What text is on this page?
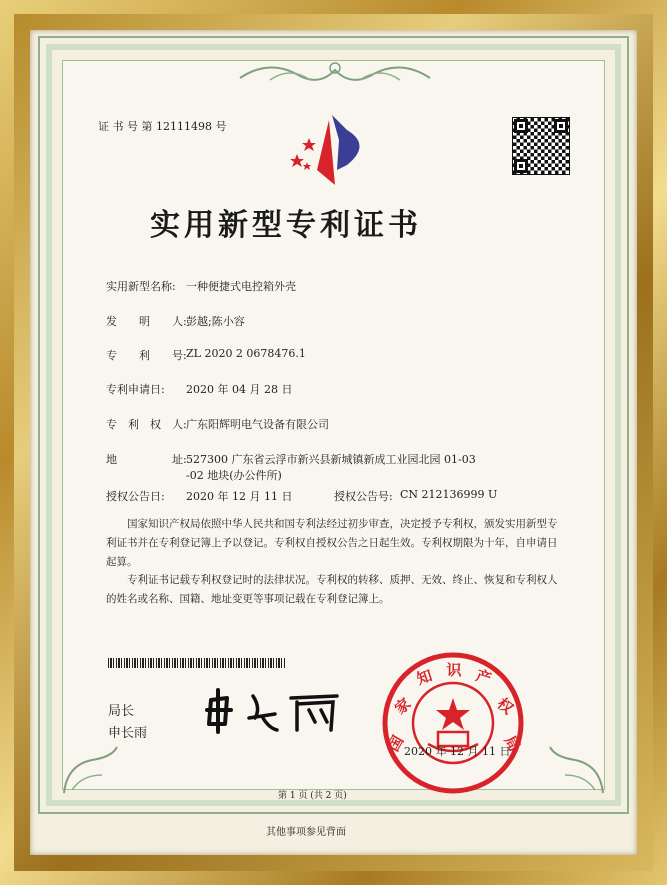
证 书 号 第 12111498 号
实用新型专利证书
实用新型名称: 一种便捷式电控箱外壳
发　　明　　人: 彭越;陈小容
专　　利　　号: ZL 2020 2 0678476.1
专利申请日: 2020 年 04 月 28 日
专　利　权　人: 广东阳辉明电气设备有限公司
地　　　　　址: 527300 广东省云浮市新兴县新城镇新成工业园北园 01-03
-02 地块(办公件所)
授权公告日: 2020 年 12 月 11 日	授权公告号: CN 212136999 U
　　国家知识产权局依照中华人民共和国专利法经过初步审查，决定授予专利权，颁发实用新型专利证书并在专利登记簿上予以登记。专利权自授权公告之日起生效。专利权期限为十年，自申请日起算。
　　专利证书记载专利权登记时的法律状况。专利权的转移、质押、无效、终止、恢复和专利权人的姓名或名称、国籍、地址变更等事项记载在专利登记簿上。
局长
申长雨	国
家
知 识 产
权
局
2020 年 12 月 11 日
第 1 页 (共 2 页)
其他事项参见背面
